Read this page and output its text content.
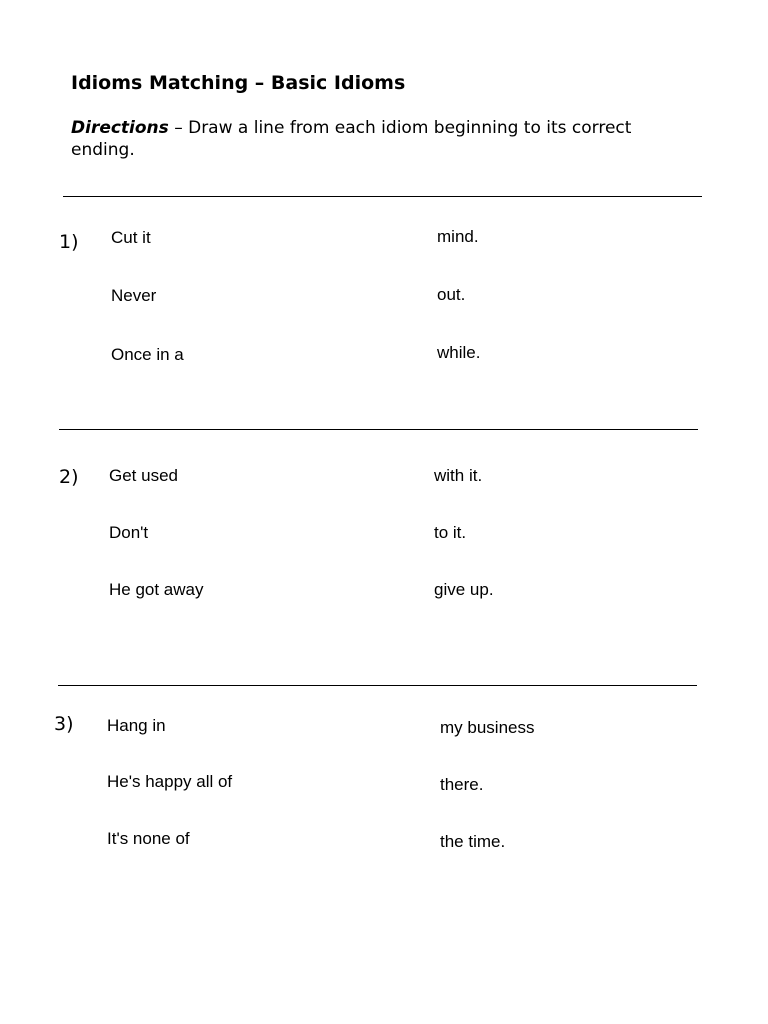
Idioms Matching – Basic Idioms

Directions – Draw a line from each idiom beginning to its correct ending.

1) Cut it
Never
Once in a
mind.
out.
while.
2) Get used
Don't
He got away
with it.
to it.
give up.
3) Hang in
He's happy all of
It's none of
my business
there.
the time.
